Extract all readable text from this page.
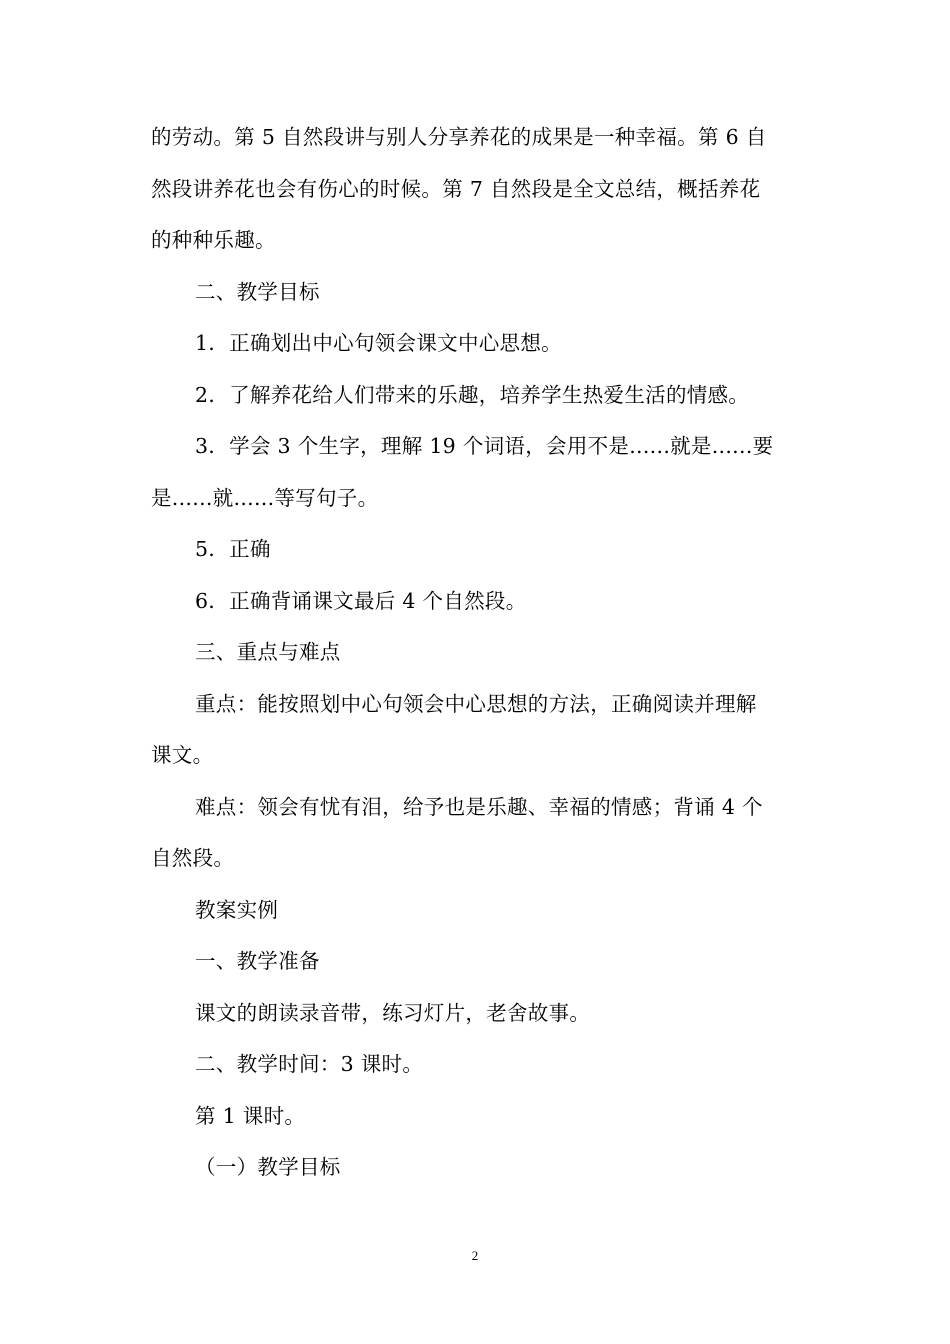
的劳动。第 5 自然段讲与别人分享养花的成果是一种幸福。第 6 自

然段讲养花也会有伤心的时候。第 7 自然段是全文总结，概括养花

的种种乐趣。

二、教学目标

1．正确划出中心句领会课文中心思想。

2．了解养花给人们带来的乐趣，培养学生热爱生活的情感。

3．学会 3 个生字，理解 19 个词语，会用不是......就是......要

是......就......等写句子。

5．正确

6．正确背诵课文最后 4 个自然段。

三、重点与难点

重点：能按照划中心句领会中心思想的方法，正确阅读并理解

课文。

难点：领会有忧有泪，给予也是乐趣、幸福的情感；背诵 4 个

自然段。

教案实例

一、教学准备

课文的朗读录音带，练习灯片，老舍故事。

二、教学时间：3 课时。

第 1 课时。

（一）教学目标

2
